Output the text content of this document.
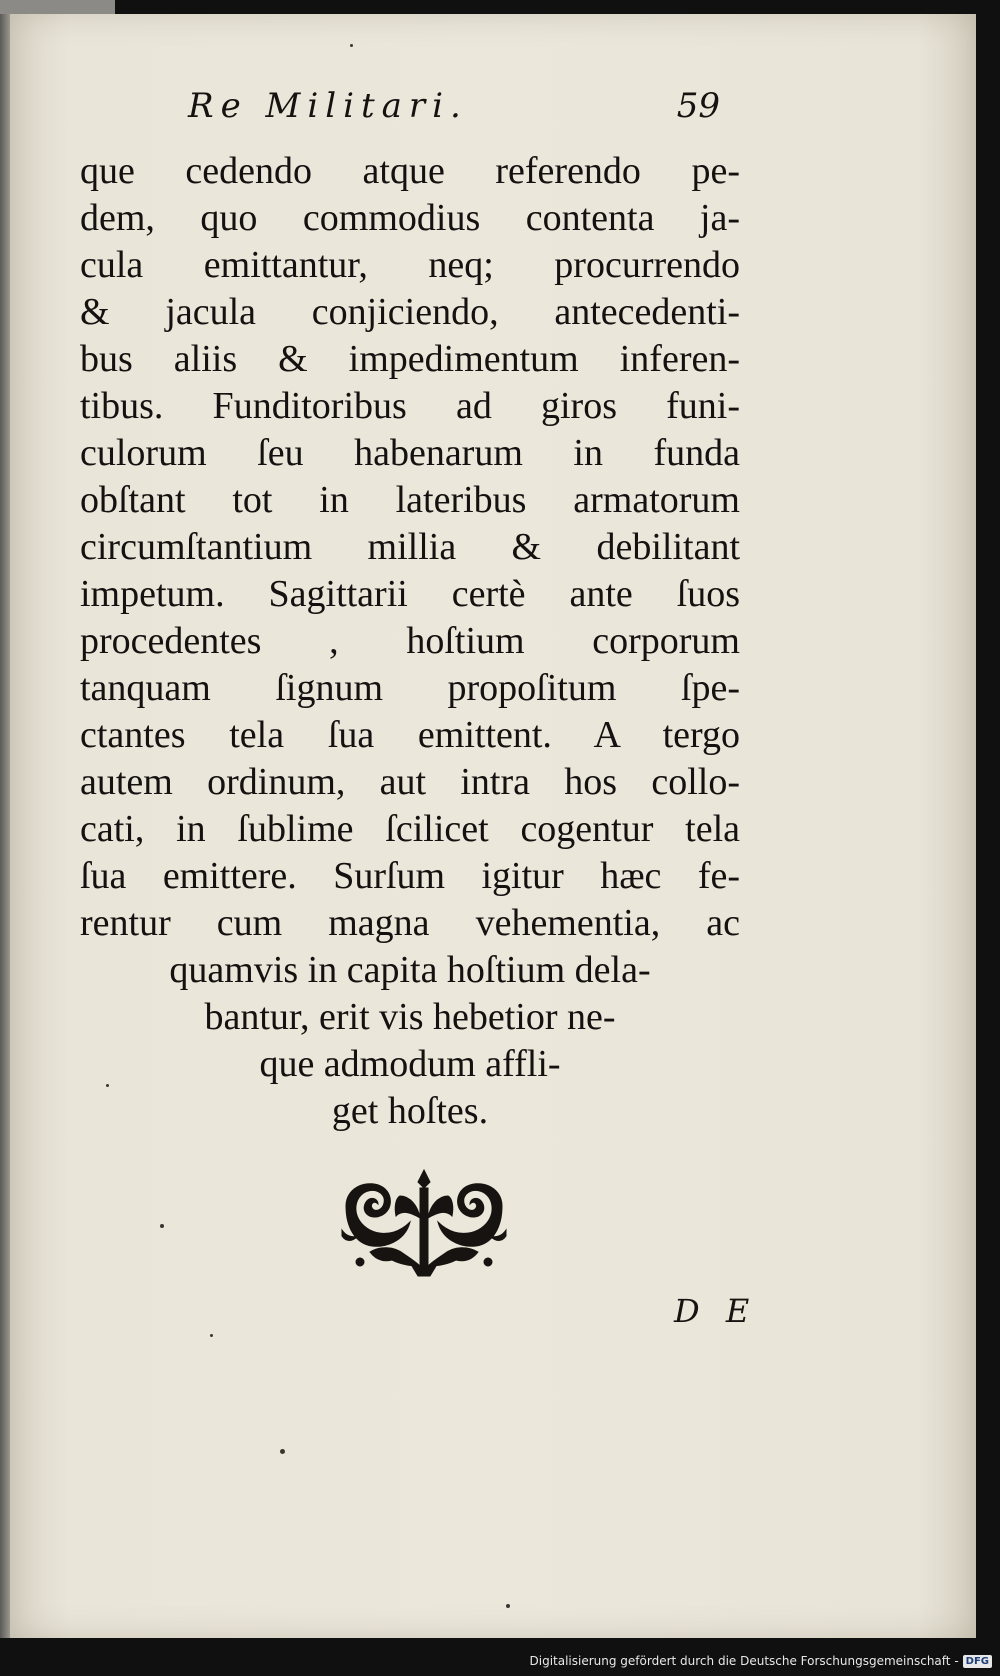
Re Militari.	59
que cedendo atque referendo pe-
dem, quo commodius contenta ja-
cula emittantur, neq; procurrendo
& jacula conjiciendo, antecedenti-
bus aliis & impedimentum inferen-
tibus. Funditoribus ad giros funi-
culorum ſeu habenarum in funda
obſtant tot in lateribus armatorum
circumſtantium millia & debilitant
impetum. Sagittarii certè ante ſuos
procedentes , hoſtium corporum
tanquam ſignum propoſitum ſpe-
ctantes tela ſua emittent. A tergo
autem ordinum, aut intra hos collo-
cati, in ſublime ſcilicet cogentur tela
ſua emittere. Surſum igitur hæc fe-
rentur cum magna vehementia, ac
quamvis in capita hoſtium dela-
bantur, erit vis hebetior ne-
que admodum affli-
get hoſtes.
D E
Digitalisierung gefördert durch die Deutsche Forschungsgemeinschaft - DFG
